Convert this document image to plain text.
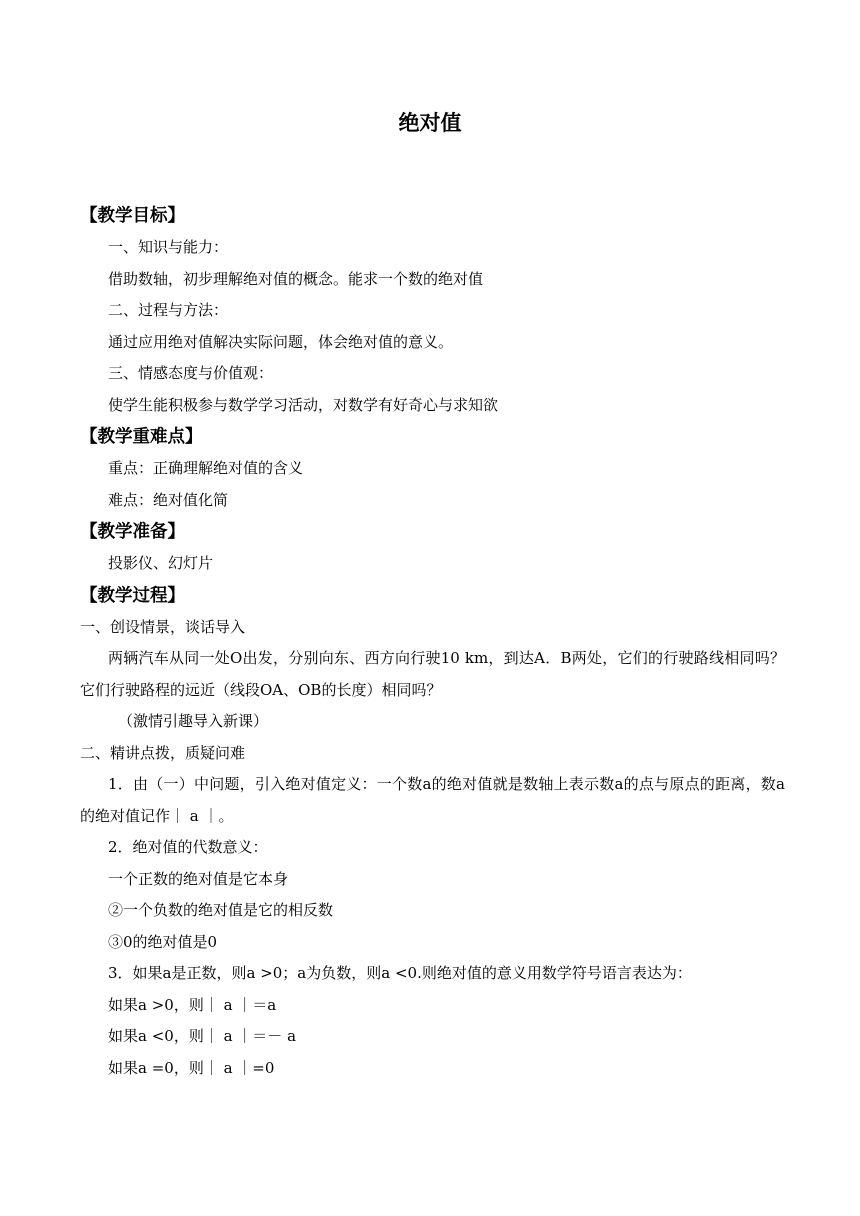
绝对值
【教学目标】
一、知识与能力：
借助数轴，初步理解绝对值的概念。能求一个数的绝对值
二、过程与方法：
通过应用绝对值解决实际问题，体会绝对值的意义。
三、情感态度与价值观：
使学生能积极参与数学学习活动，对数学有好奇心与求知欲
【教学重难点】
重点：正确理解绝对值的含义
难点：绝对值化简
【教学准备】
投影仪、幻灯片
【教学过程】
一、创设情景，谈话导入
两辆汽车从同一处O出发，分别向东、西方向行驶10 km，到达A．B两处，它们的行驶路线相同吗？它们行驶路程的远近（线段OA、OB的长度）相同吗？
（激情引趣导入新课）
二、精讲点拨，质疑问难
1．由（一）中问题，引入绝对值定义：一个数a的绝对值就是数轴上表示数a的点与原点的距离，数a的绝对值记作｜ a ｜。
2．绝对值的代数意义：
一个正数的绝对值是它本身
②一个负数的绝对值是它的相反数
③0的绝对值是0
3．如果a是正数，则a >0；a为负数，则a <0.则绝对值的意义用数学符号语言表达为：
如果a >0，则｜ a ｜＝a
如果a <0，则｜ a ｜＝－ a
如果a =0，则｜ a ｜=0
